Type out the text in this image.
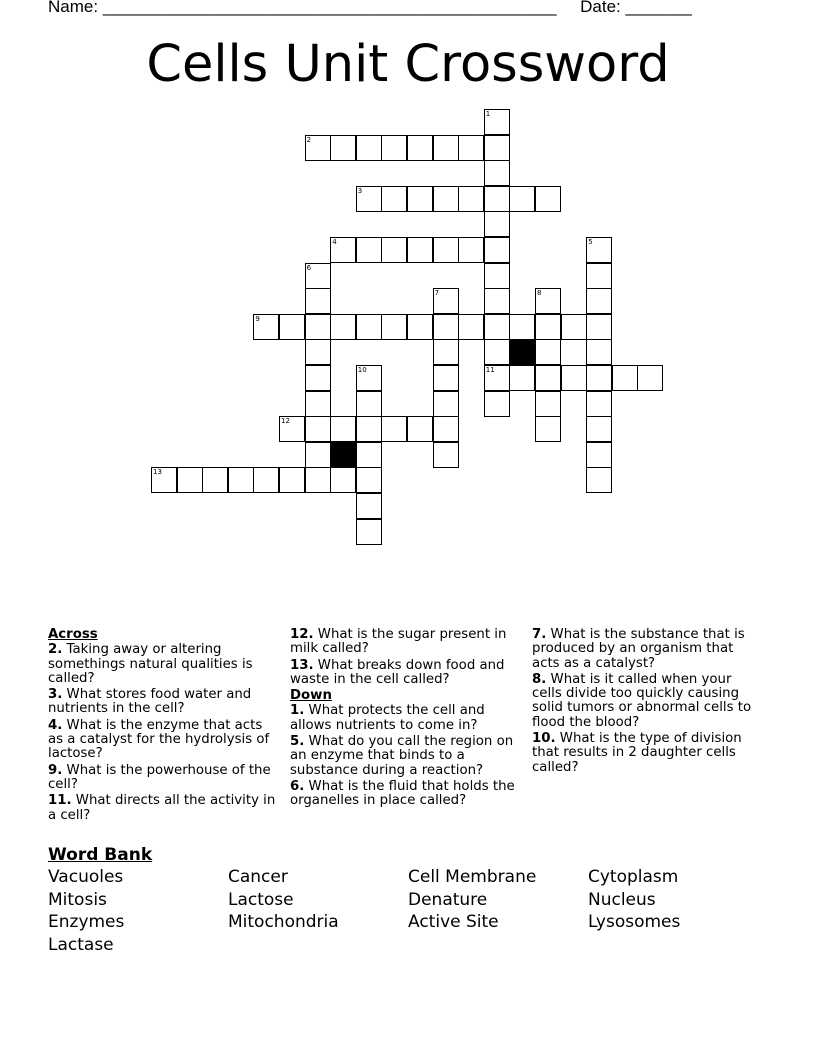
Name: ________________________________________________ Date: _______
Cells Unit Crossword
1
11
2
3
4	5
6
7	8
9
10
12
13
Across
2. Taking away or altering somethings natural qualities is called?
3. What stores food water and nutrients in the cell?
4. What is the enzyme that acts as a catalyst for the hydrolysis of lactose?
9. What is the powerhouse of the cell?
11. What directs all the activity in a cell?
12. What is the sugar present in milk called?
13. What breaks down food and waste in the cell called?
Down
1. What protects the cell and allows nutrients to come in?
5. What do you call the region on an enzyme that binds to a substance during a reaction?
6. What is the fluid that holds the organelles in place called?
7. What is the substance that is produced by an organism that acts as a catalyst?
8. What is it called when your cells divide too quickly causing solid tumors or abnormal cells to flood the blood?
10. What is the type of division that results in 2 daughter cells called?
Word Bank
Vacuoles	Cancer	Cell Membrane	Cytoplasm
Mitosis	Lactose	Denature	Nucleus
Enzymes	Mitochondria	Active Site	Lysosomes
Lactase
